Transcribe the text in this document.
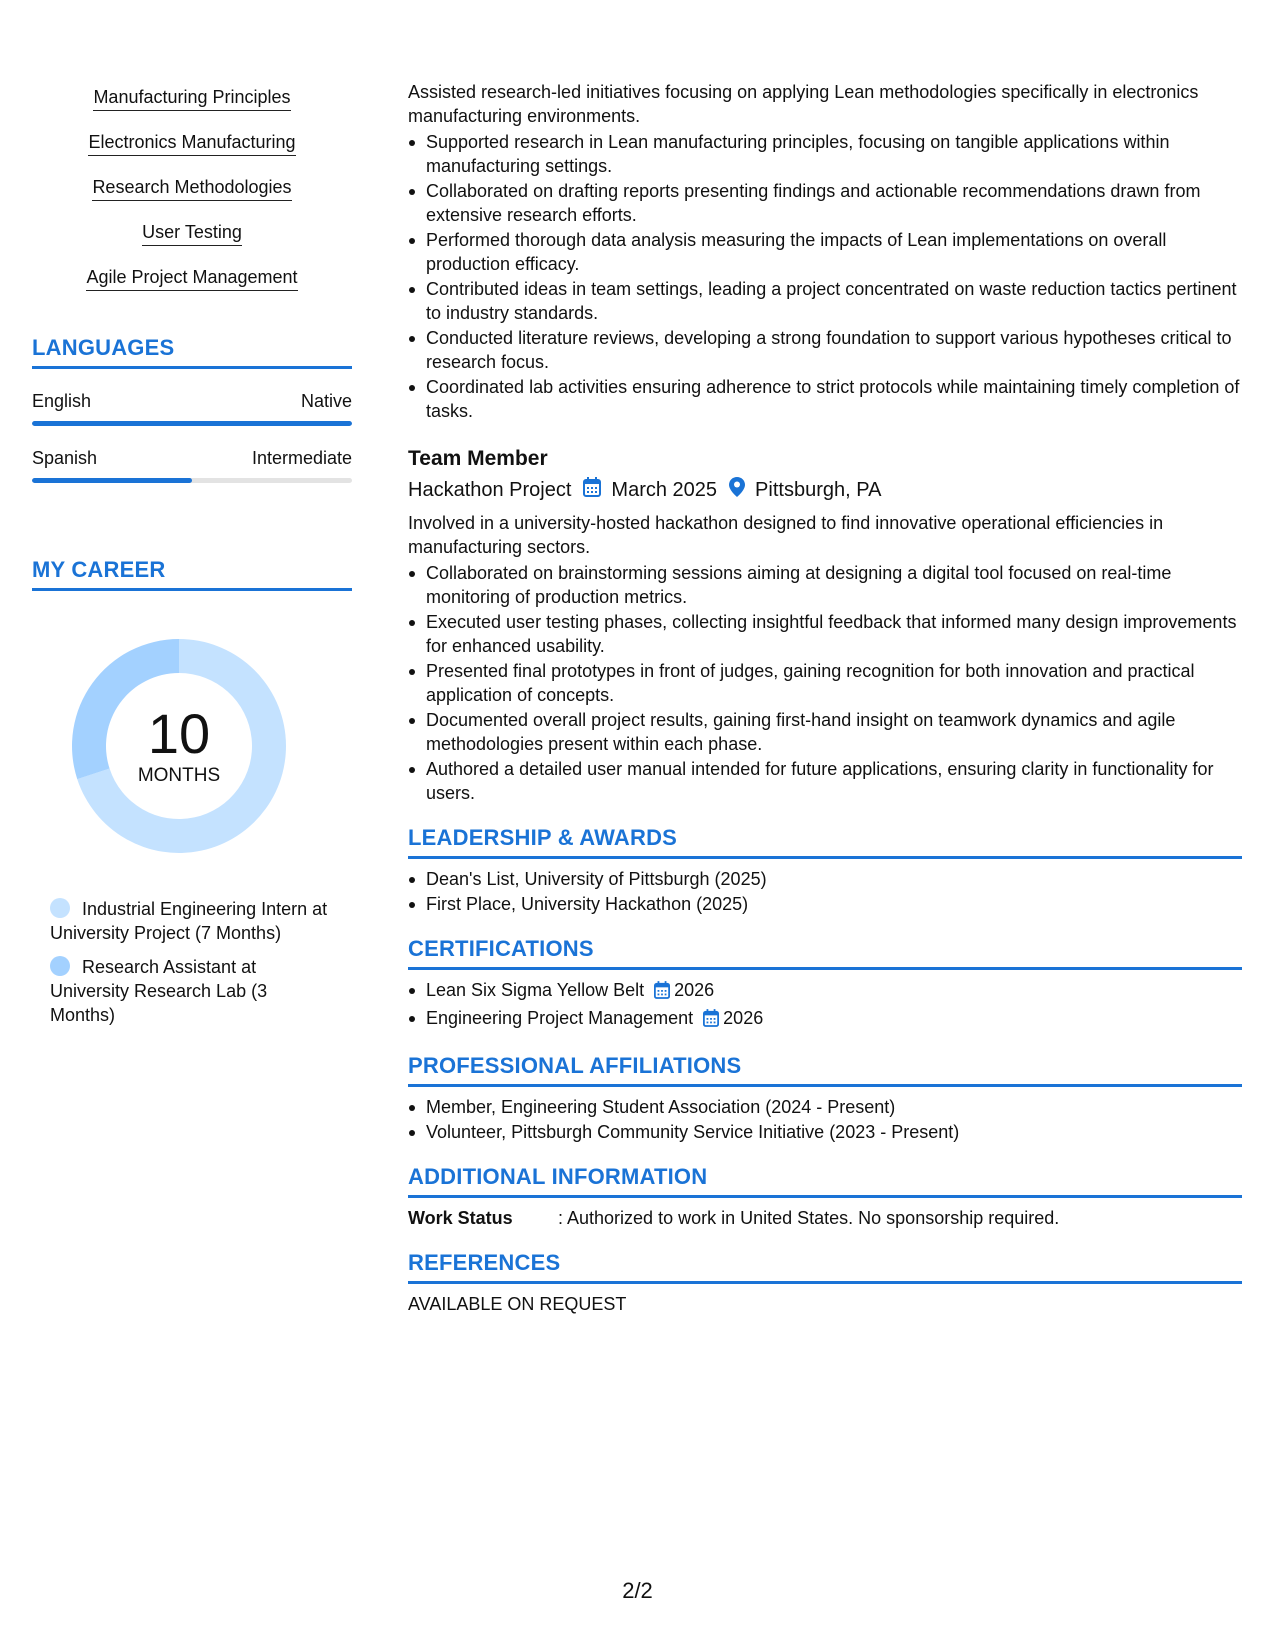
Manufacturing Principles
Electronics Manufacturing
Research Methodologies
User Testing
Agile Project Management
LANGUAGES
English	Native
Spanish	Intermediate
MY CAREER
10
MONTHS
Industrial Engineering Intern at University Project (7 Months)
Research Assistant at University Research Lab (3 Months)

Assisted research-led initiatives focusing on applying Lean methodologies specifically in electronics manufacturing environments.

Supported research in Lean manufacturing principles, focusing on tangible applications within manufacturing settings.
Collaborated on drafting reports presenting findings and actionable recommendations drawn from extensive research efforts.
Performed thorough data analysis measuring the impacts of Lean implementations on overall production efficacy.
Contributed ideas in team settings, leading a project concentrated on waste reduction tactics pertinent to industry standards.
Conducted literature reviews, developing a strong foundation to support various hypotheses critical to research focus.
Coordinated lab activities ensuring adherence to strict protocols while maintaining timely completion of tasks.
Team Member
Hackathon Project March 2025 Pittsburgh, PA

Involved in a university-hosted hackathon designed to find innovative operational efficiencies in manufacturing sectors.

Collaborated on brainstorming sessions aiming at designing a digital tool focused on real-time monitoring of production metrics.
Executed user testing phases, collecting insightful feedback that informed many design improvements for enhanced usability.
Presented final prototypes in front of judges, gaining recognition for both innovation and practical application of concepts.
Documented overall project results, gaining first-hand insight on teamwork dynamics and agile methodologies present within each phase.
Authored a detailed user manual intended for future applications, ensuring clarity in functionality for users.
LEADERSHIP & AWARDS
Dean's List, University of Pittsburgh (2025)
First Place, University Hackathon (2025)
CERTIFICATIONS
Lean Six Sigma Yellow Belt 2026
Engineering Project Management 2026
PROFESSIONAL AFFILIATIONS
Member, Engineering Student Association (2024 - Present)
Volunteer, Pittsburgh Community Service Initiative (2023 - Present)
ADDITIONAL INFORMATION
Work Status	: Authorized to work in United States. No sponsorship required.
REFERENCES

AVAILABLE ON REQUEST

2/2
